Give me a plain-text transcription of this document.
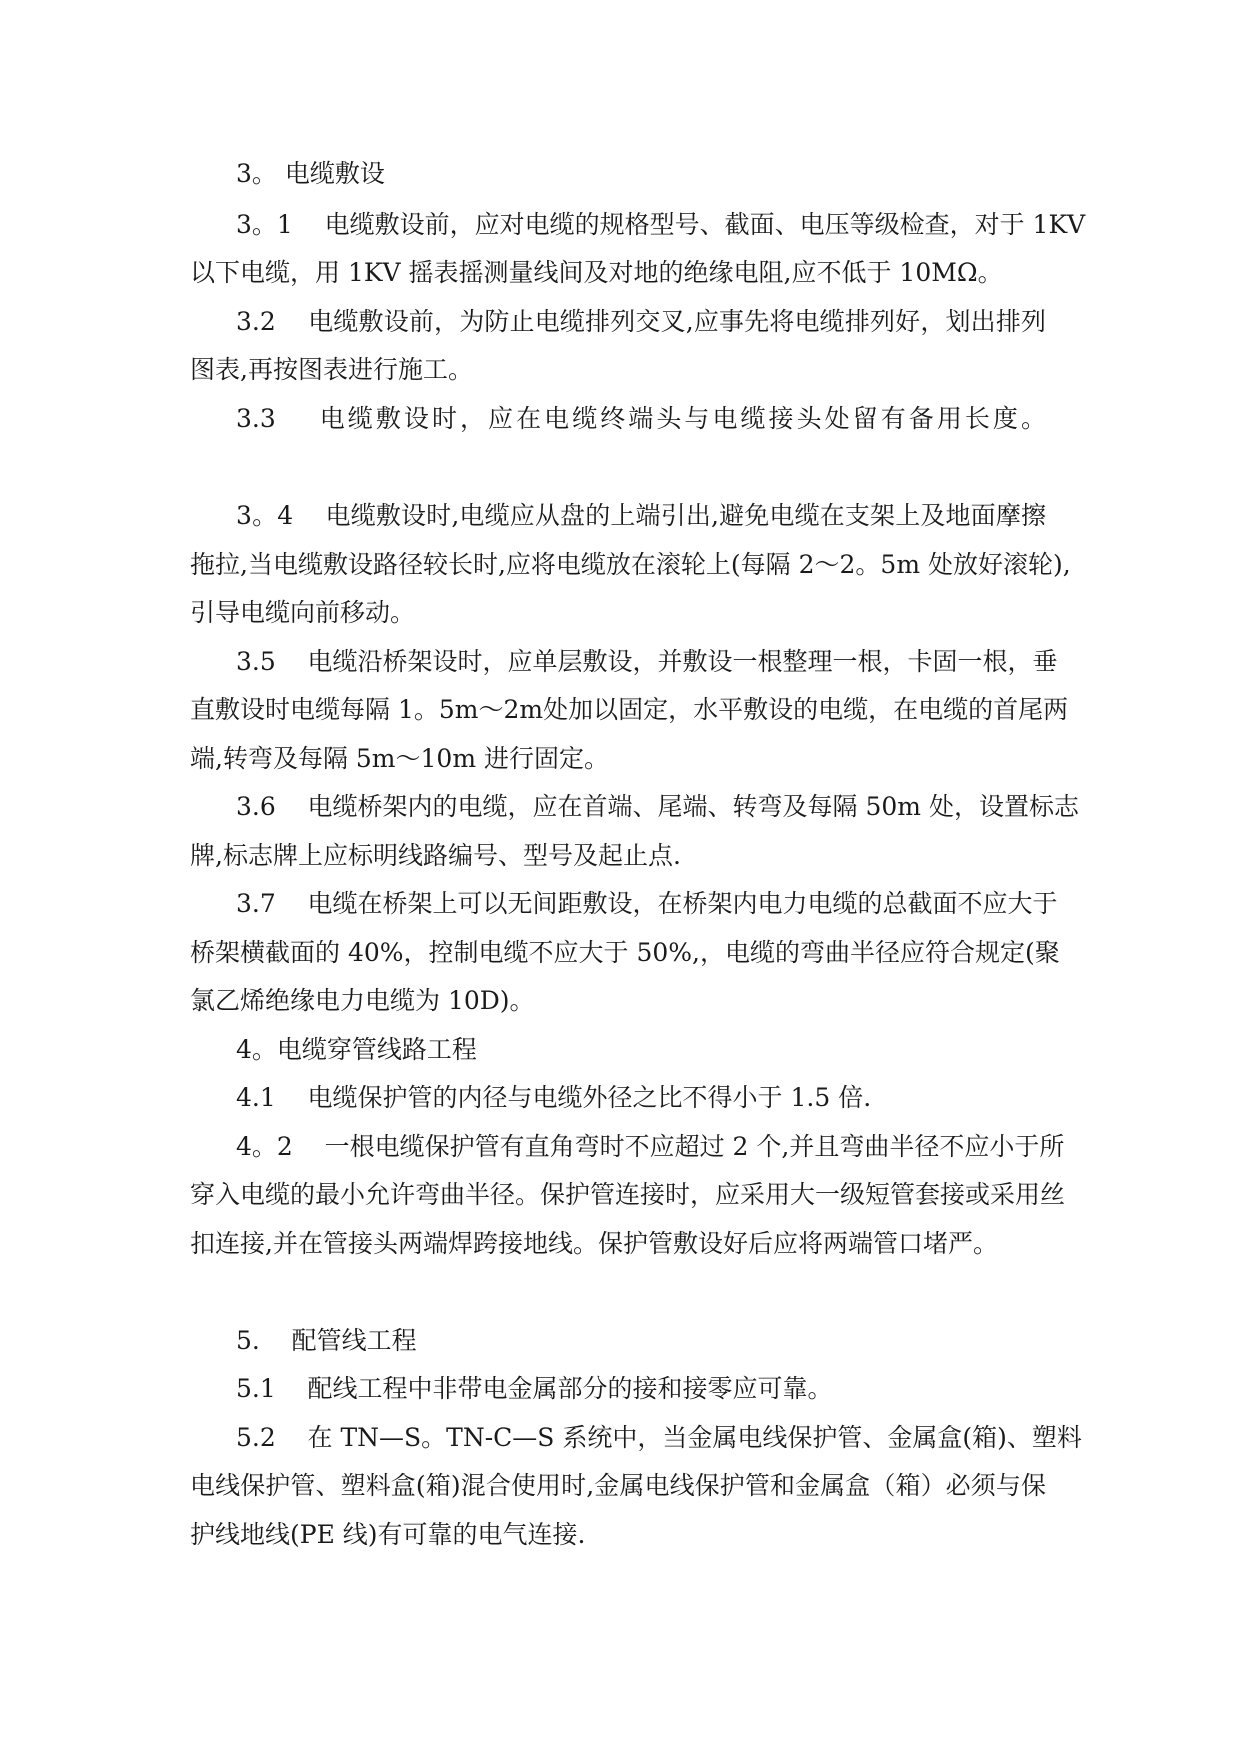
3。 电缆敷设
3。1    电缆敷设前，应对电缆的规格型号、截面、电压等级检查，对于 1KV
以下电缆，用 1KV 摇表摇测量线间及对地的绝缘电阻,应不低于 10MΩ。
3.2    电缆敷设前，为防止电缆排列交叉,应事先将电缆排列好，划出排列
图表,再按图表进行施工。
3.3    电缆敷设时，应在电缆终端头与电缆接头处留有备用长度。
3。4    电缆敷设时,电缆应从盘的上端引出,避免电缆在支架上及地面摩擦
拖拉,当电缆敷设路径较长时,应将电缆放在滚轮上(每隔 2～2。5m 处放好滚轮),
引导电缆向前移动。
3.5    电缆沿桥架设时，应单层敷设，并敷设一根整理一根，卡固一根，垂
直敷设时电缆每隔 1。5m～2m处加以固定，水平敷设的电缆，在电缆的首尾两
端,转弯及每隔 5m～10m 进行固定。
3.6    电缆桥架内的电缆，应在首端、尾端、转弯及每隔 50m 处，设置标志
牌,标志牌上应标明线路编号、型号及起止点.
3.7    电缆在桥架上可以无间距敷设，在桥架内电力电缆的总截面不应大于
桥架横截面的 40%，控制电缆不应大于 50%,，电缆的弯曲半径应符合规定(聚
氯乙烯绝缘电力电缆为 10D)。
4。电缆穿管线路工程
4.1    电缆保护管的内径与电缆外径之比不得小于 1.5 倍.
4。2    一根电缆保护管有直角弯时不应超过 2 个,并且弯曲半径不应小于所
穿入电缆的最小允许弯曲半径。保护管连接时，应采用大一级短管套接或采用丝
扣连接,并在管接头两端焊跨接地线。保护管敷设好后应将两端管口堵严。
5.    配管线工程
5.1    配线工程中非带电金属部分的接和接零应可靠。
5.2    在 TN—S。TN-C—S 系统中，当金属电线保护管、金属盒(箱)、塑料
电线保护管、塑料盒(箱)混合使用时,金属电线保护管和金属盒（箱）必须与保
护线地线(PE 线)有可靠的电气连接.
